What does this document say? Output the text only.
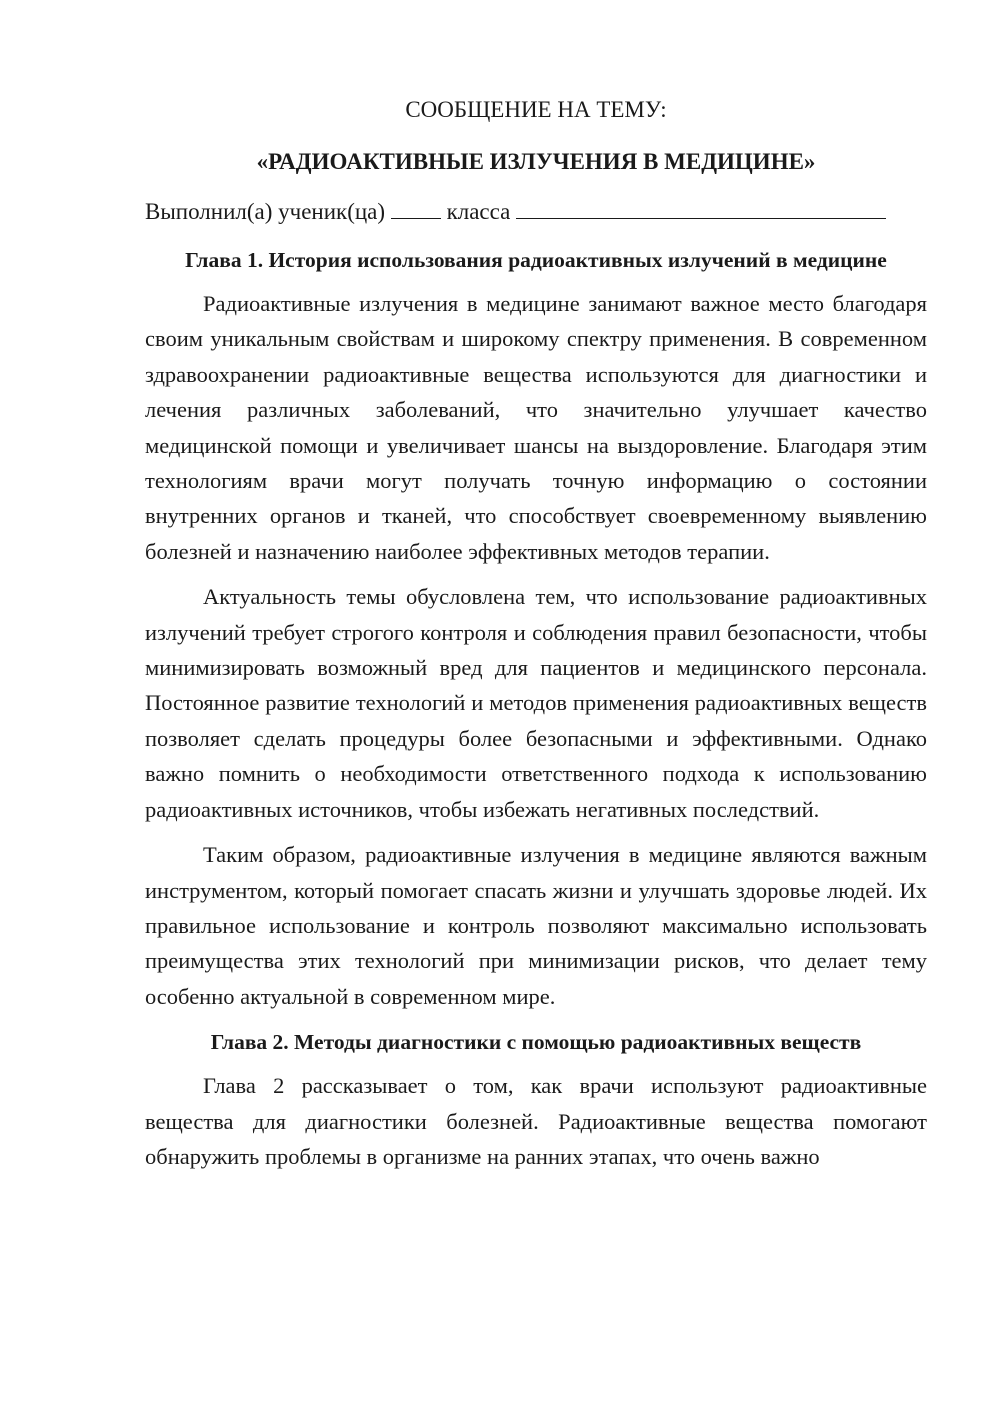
СООБЩЕНИЕ НА ТЕМУ:

«РАДИОАКТИВНЫЕ ИЗЛУЧЕНИЯ В МЕДИЦИНЕ»

Выполнил(а) ученик(ца)	класса

Глава 1. История использования радиоактивных излучений в медицине

Радиоактивные излучения в медицине занимают важное место благодаря своим уникальным свойствам и широкому спектру применения. В современном здравоохранении радиоактивные вещества используются для диагностики и лечения различных заболеваний, что значительно улучшает качество медицинской помощи и увеличивает шансы на выздоровление. Благодаря этим технологиям врачи могут получать точную информацию о состоянии внутренних органов и тканей, что способствует своевременному выявлению болезней и назначению наиболее эффективных методов терапии.

Актуальность темы обусловлена тем, что использование радиоактивных излучений требует строгого контроля и соблюдения правил безопасности, чтобы минимизировать возможный вред для пациентов и медицинского персонала. Постоянное развитие технологий и методов применения радиоактивных веществ позволяет сделать процедуры более безопасными и эффективными. Однако важно помнить о необходимости ответственного подхода к использованию радиоактивных источников, чтобы избежать негативных последствий.

Таким образом, радиоактивные излучения в медицине являются важным инструментом, который помогает спасать жизни и улучшать здоровье людей. Их правильное использование и контроль позволяют максимально использовать преимущества этих технологий при минимизации рисков, что делает тему особенно актуальной в современном мире.

Глава 2. Методы диагностики с помощью радиоактивных веществ

Глава 2 рассказывает о том, как врачи используют радиоактивные вещества для диагностики болезней. Радиоактивные вещества помогают обнаружить проблемы в организме на ранних этапах, что очень важно
